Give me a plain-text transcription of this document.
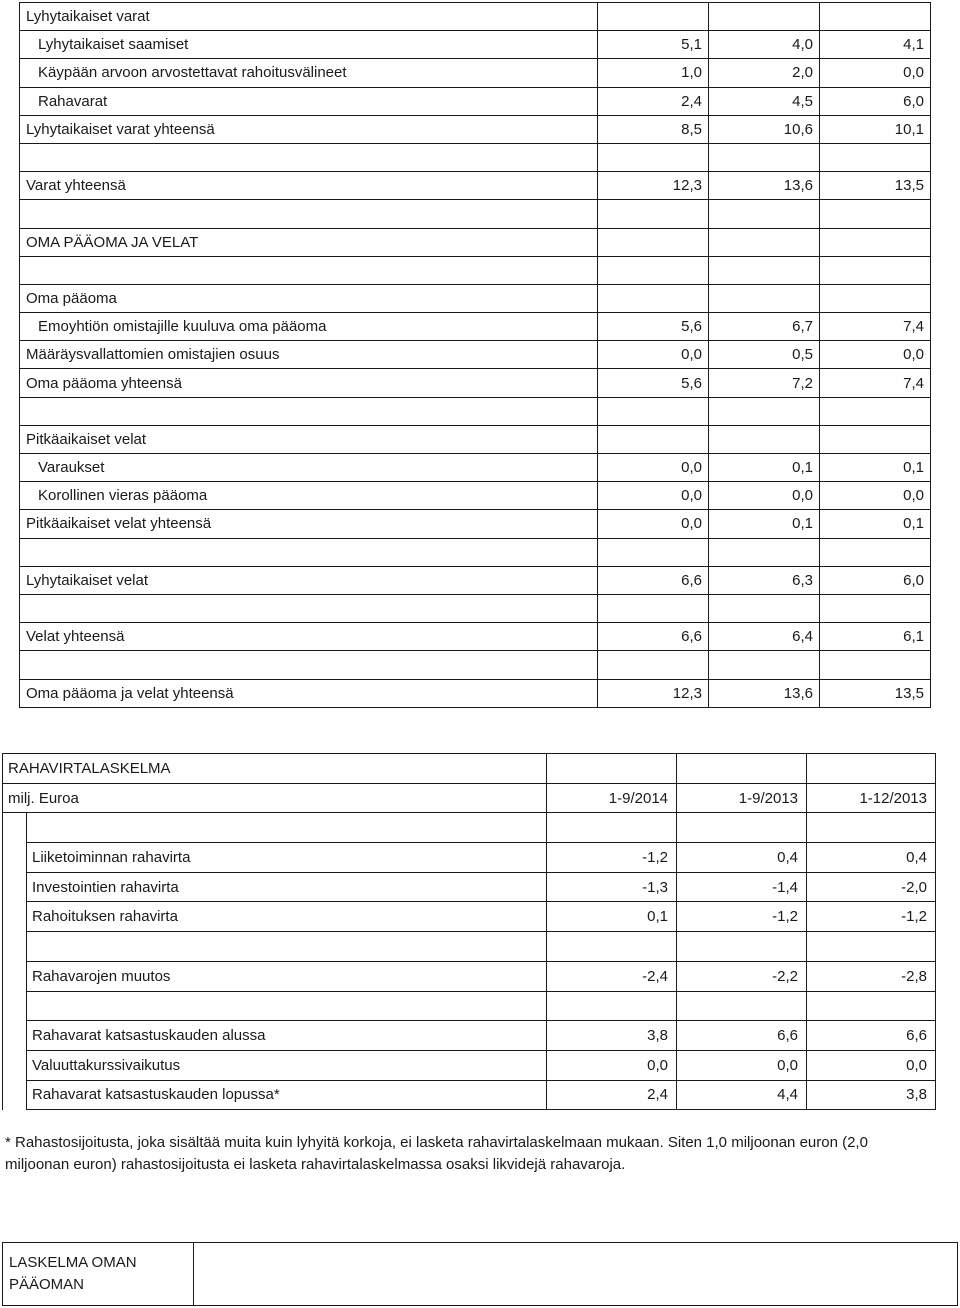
Lyhytaikaiset varat			
Lyhytaikaiset saamiset	5,1	4,0	4,1
Käypään arvoon arvostettavat rahoitusvälineet	1,0	2,0	0,0
Rahavarat	2,4	4,5	6,0
Lyhytaikaiset varat yhteensä	8,5	10,6	10,1

Varat yhteensä	12,3	13,6	13,5

OMA PÄÄOMA JA VELAT			

Oma pääoma			
Emoyhtiön omistajille kuuluva oma pääoma	5,6	6,7	7,4
Määräysvallattomien omistajien osuus	0,0	0,5	0,0
Oma pääoma yhteensä	5,6	7,2	7,4

Pitkäaikaiset velat			
Varaukset	0,0	0,1	0,1
Korollinen vieras pääoma	0,0	0,0	0,0
Pitkäaikaiset velat yhteensä	0,0	0,1	0,1

Lyhytaikaiset velat	6,6	6,3	6,0

Velat yhteensä	6,6	6,4	6,1

Oma pääoma ja velat yhteensä	12,3	13,6	13,5
RAHAVIRTALASKELMA				
milj. Euroa		1-9/2014	1-9/2013	1-12/2013

	Liiketoiminnan rahavirta	-1,2	0,4	0,4
	Investointien rahavirta	-1,3	-1,4	-2,0
	Rahoituksen rahavirta	0,1	-1,2	-1,2

	Rahavarojen muutos	-2,4	-2,2	-2,8

	Rahavarat katsastuskauden alussa	3,8	6,6	6,6
	Valuuttakurssivaikutus	0,0	0,0	0,0
	Rahavarat katsastuskauden lopussa*	2,4	4,4	3,8
* Rahastosijoitusta, joka sisältää muita kuin lyhyitä korkoja, ei lasketa rahavirtalaskelmaan mukaan. Siten 1,0 miljoonan euron (2,0 miljoonan euron) rahastosijoitusta ei lasketa rahavirtalaskelmassa osaksi likvidejä rahavaroja.
LASKELMA OMAN PÄÄOMAN	
